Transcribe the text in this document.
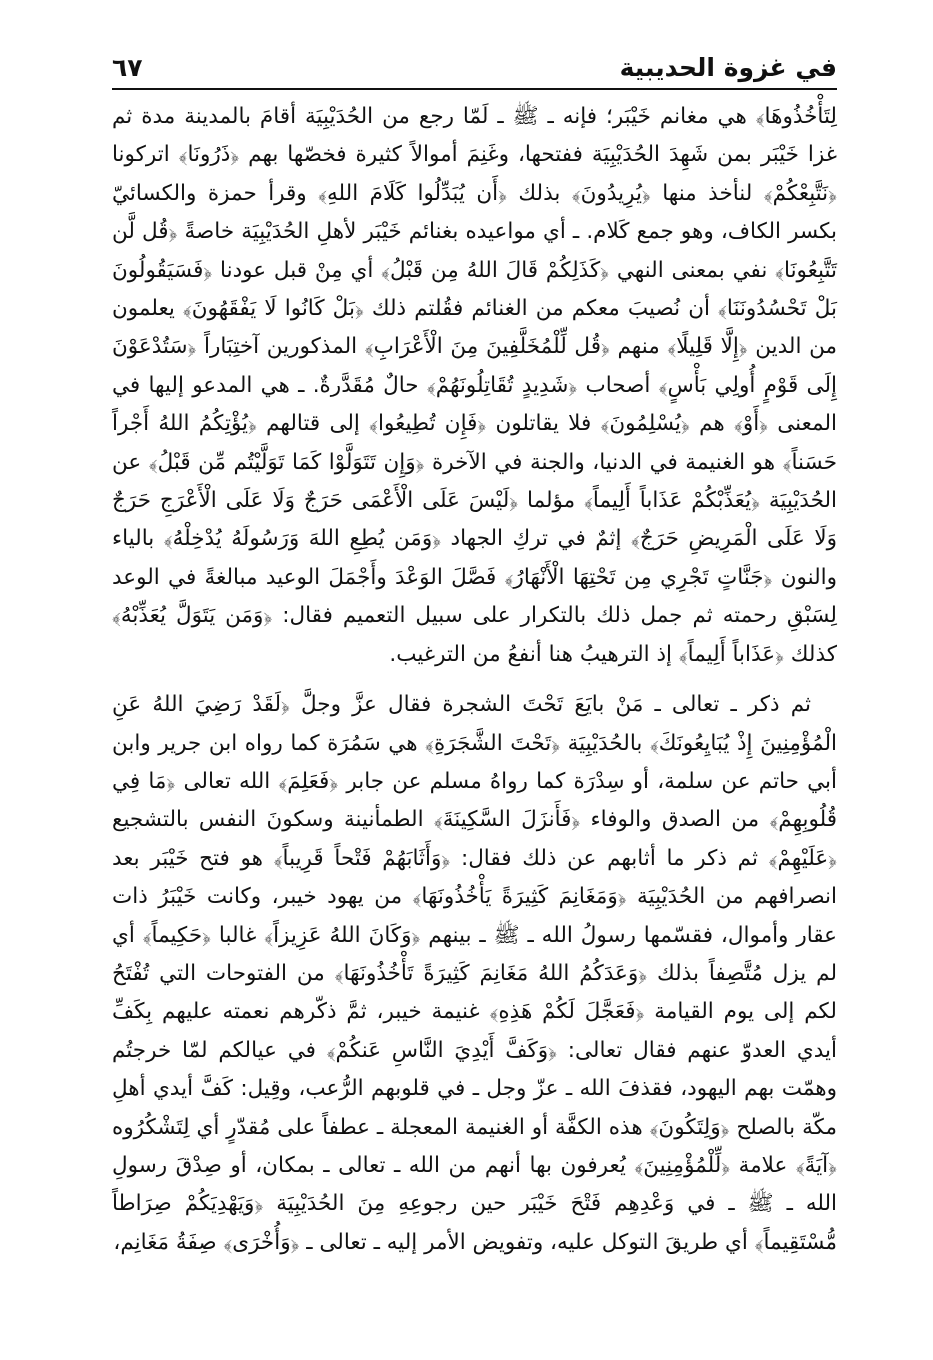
في غزوة الحديبية
٦٧

لِتَأْخُذُوهَا﴾ هي مغانم خَيْبَر؛ فإنه ـ ﷺ ـ لَمّا رجع من الحُدَيْبِيَة أقامَ بالمدينة مدة ثم غزا خَيْبَر بمن شَهِدَ الحُدَيْبِيَة ففتحها، وغَنِمَ أموالاً كثيرة فخصّها بهم ﴿ذَرُونَا﴾ اتركونا ﴿نَتَّبِعْكُمْ﴾ لنأخذ منها ﴿يُرِيدُونَ﴾ بذلك ﴿أَن يُبَدِّلُوا كَلَامَ اللهِ﴾ وقرأ حمزة والكسائيّ بكسر الكاف، وهو جمع كَلام. ـ أي مواعيده بغنائم خَيْبَر لأهلِ الحُدَيْبِيَة خاصةً ﴿قُل لَّن تَتَّبِعُونَا﴾ نفي بمعنى النهي ﴿كَذَلِكُمْ قَالَ اللهُ مِن قَبْلُ﴾ أي مِنْ قبل عودنا ﴿فَسَيَقُولُونَ بَلْ تَحْسُدُونَنَا﴾ أن نُصيبَ معكم من الغنائم فقُلتم ذلك ﴿بَلْ كَانُوا لَا يَفْقَهُونَ﴾ يعلمون من الدين ﴿إِلَّا قَلِيلًا﴾ منهم ﴿قُل لِّلْمُخَلَّفِينَ مِنَ الْأَعْرَابِ﴾ المذكورين آختِبَاراً ﴿سَتُدْعَوْنَ إِلَى قَوْمٍ أُولِي بَأْسٍ﴾ أصحاب ﴿شَدِيدٍ تُقَاتِلُونَهُمْ﴾ حالٌ مُقَدَّرةٌ. ـ هي المدعو إليها في المعنى ﴿أَوْ﴾ هم ﴿يُسْلِمُونَ﴾ فلا يقاتلون ﴿فَإِن تُطِيعُوا﴾ إلى قتالهم ﴿يُؤْتِكُمُ اللهُ أَجْراً حَسَناً﴾ هو الغنيمة في الدنيا، والجنة في الآخرة ﴿وَإِن تَتَوَلَّوْا كَمَا تَوَلَّيْتُم مِّن قَبْلُ﴾ عن الحُدَيْبِيَة ﴿يُعَذِّبْكُمْ عَذَاباً أَلِيماً﴾ مؤلما ﴿لَيْسَ عَلَى الْأَعْمَى حَرَجٌ وَلَا عَلَى الْأَعْرَجِ حَرَجٌ وَلَا عَلَى الْمَرِيضِ حَرَجٌ﴾ إثمٌ في تركِ الجهاد ﴿وَمَن يُطِعِ اللهَ وَرَسُولَهُ يُدْخِلْهُ﴾ بالياء والنون ﴿جَنَّاتٍ تَجْرِي مِن تَحْتِهَا الْأَنْهَارُ﴾ فَصَّلَ الوَعْدَ وأَجْمَلَ الوعيد مبالغةً في الوعد لِسَبْقِ رحمته ثم جمل ذلك بالتكرار على سبيل التعميم فقال: ﴿وَمَن يَتَوَلَّ يُعَذِّبْهُ﴾ كذلك ﴿عَذَاباً أَلِيماً﴾ إذ الترهيبُ هنا أنفعُ من الترغيب.

ثم ذكر ـ تعالى ـ مَنْ بايَعَ تَحْتَ الشجرة فقال عزَّ وجلَّ ﴿لَقَدْ رَضِيَ اللهُ عَنِ الْمُؤْمِنِينَ إِذْ يُبَايِعُونَكَ﴾ بالحُدَيْبِيَة ﴿تَحْتَ الشَّجَرَةِ﴾ هي سَمُرَة كما رواه ابن جرير وابن أبي حاتم عن سلمة، أو سِدْرَة كما رواهُ مسلم عن جابر ﴿فَعَلِمَ﴾ الله تعالى ﴿مَا فِي قُلُوبِهِمْ﴾ من الصدق والوفاء ﴿فَأَنزَلَ السَّكِينَةَ﴾ الطمأنينة وسكونَ النفس بالتشجيع ﴿عَلَيْهِمْ﴾ ثم ذكر ما أثابهم عن ذلك فقال: ﴿وَأَثَابَهُمْ فَتْحاً قَرِيباً﴾ هو فتح خَيْبَر بعد انصرافهم من الحُدَيْبِيَة ﴿وَمَغَانِمَ كَثِيرَةً يَأْخُذُونَهَا﴾ من يهود خيبر، وكانت خَيْبَرُ ذات عقار وأموال، فقسّمها رسولُ الله ـ ﷺ ـ بينهم ﴿وَكَانَ اللهُ عَزِيزاً﴾ غالبا ﴿حَكِيماً﴾ أي لم يزل مُتَّصِفاً بذلك ﴿وَعَدَكُمُ اللهُ مَغَانِمَ كَثِيرَةً تَأْخُذُونَهَا﴾ من الفتوحات التي تُفْتَحُ لكم إلى يوم القيامة ﴿فَعَجَّلَ لَكُمْ هَذِهِ﴾ غنيمة خيبر، ثمَّ ذكّرهم نعمته عليهم بِكَفِّ أيدي العدوّ عنهم فقال تعالى: ﴿وَكَفَّ أَيْدِيَ النَّاسِ عَنكُمْ﴾ في عيالكم لمّا خرجتُم وهمّت بهم اليهود، فقذفَ الله ـ عزّ وجل ـ في قلوبهم الرُّعب، وقِيل: كَفَّ أيدي أهلِ مكّة بالصلح ﴿وَلِتَكُونَ﴾ هذه الكفَّة أو الغنيمة المعجلة ـ عطفاً على مُقدّرٍ أي لِتَشْكُرُوه ﴿آيَةً﴾ علامة ﴿لِّلْمُؤْمِنِينَ﴾ يُعرفون بها أنهم من الله ـ تعالى ـ بمكان، أو صِدْقَ رسولِ الله ـ ﷺ ـ في وَعْدِهِم فَتْحَ خَيْبَر حين رجوعِهِ مِنَ الحُدَيْبِيَة ﴿وَيَهْدِيَكُمْ صِرَاطاً مُّسْتَقِيماً﴾ أي طريقَ التوكل عليه، وتفويض الأمر إليه ـ تعالى ـ ﴿وَأُخْرَى﴾ صِفَةُ مَغَانِم،
